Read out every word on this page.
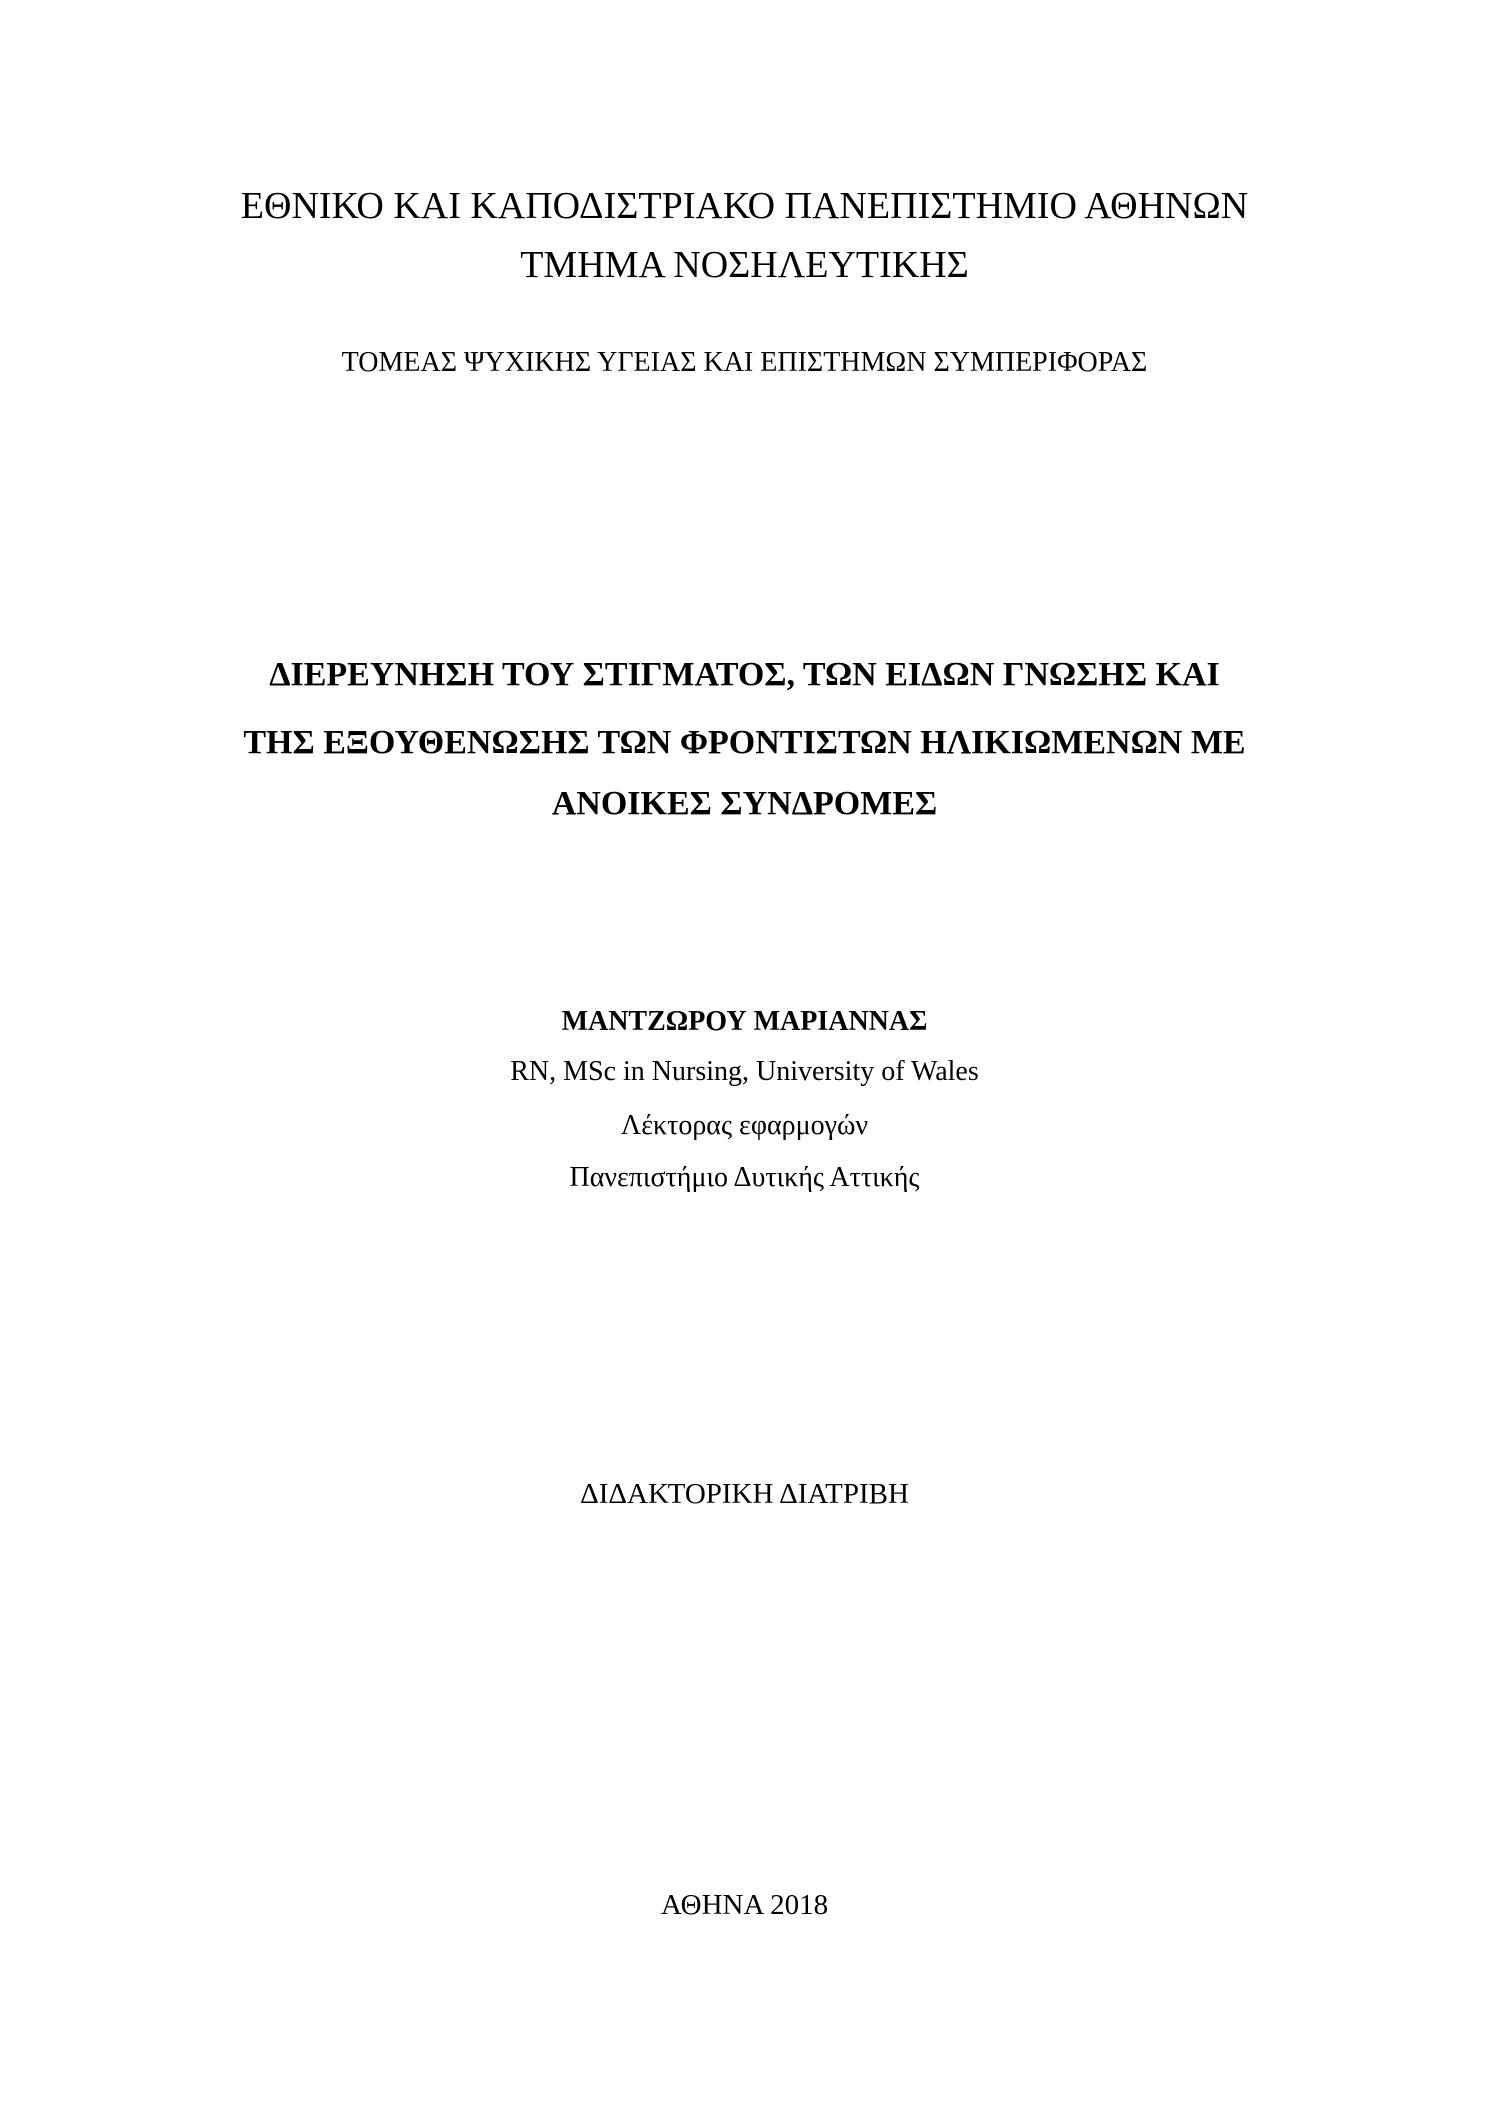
ΕΘΝΙΚΟ ΚΑΙ ΚΑΠΟΔΙΣΤΡΙΑΚΟ ΠΑΝΕΠΙΣΤΗΜΙΟ ΑΘΗΝΩΝ
ΤΜΗΜΑ ΝΟΣΗΛΕΥΤΙΚΗΣ
ΤΟΜΕΑΣ ΨΥΧΙΚΗΣ ΥΓΕΙΑΣ ΚΑΙ ΕΠΙΣΤΗΜΩΝ ΣΥΜΠΕΡΙΦΟΡΑΣ
ΔΙΕΡΕΥΝΗΣΗ ΤΟΥ ΣΤΙΓΜΑΤΟΣ, ΤΩΝ ΕΙΔΩΝ ΓΝΩΣΗΣ ΚΑΙ
ΤΗΣ ΕΞΟΥΘΕΝΩΣΗΣ ΤΩΝ ΦΡΟΝΤΙΣΤΩΝ ΗΛΙΚΙΩΜΕΝΩΝ ΜΕ
ΑΝΟΙΚΕΣ ΣΥΝΔΡΟΜΕΣ
ΜΑΝΤΖΩΡΟΥ ΜΑΡΙΑΝΝΑΣ
RN, MSc in Nursing, University of Wales
Λέκτορας εφαρμογών
Πανεπιστήμιο Δυτικής Αττικής
ΔΙΔΑΚΤΟΡΙΚΗ ΔΙΑΤΡΙΒΗ
ΑΘΗΝΑ 2018
